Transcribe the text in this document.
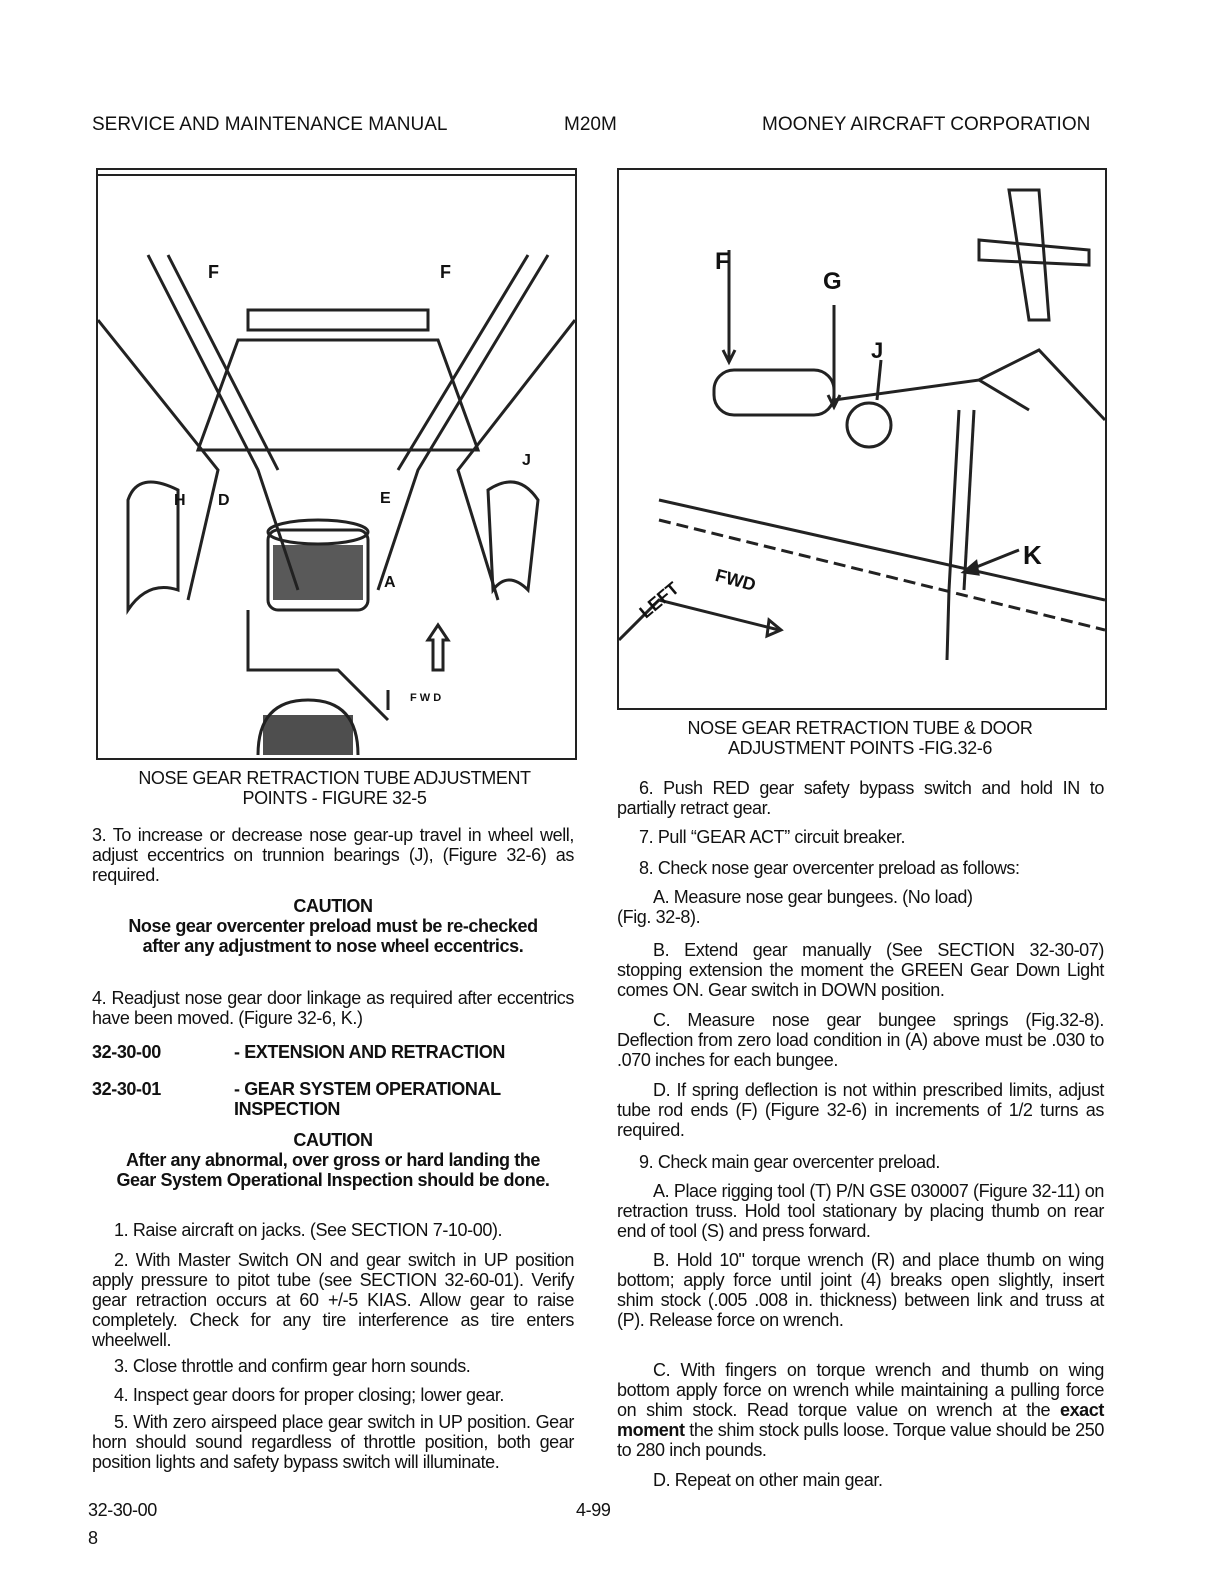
SERVICE AND MAINTENANCE MANUAL	M20M	MOONEY AIRCRAFT CORPORATION
F	F
H D	E
A
J
F W D
NOSE GEAR RETRACTION TUBE ADJUSTMENT
POINTS - FIGURE 32-5
F
G
J
K
LEFT FWD
NOSE GEAR RETRACTION TUBE & DOOR
ADJUSTMENT POINTS -FIG.32-6
3. To increase or decrease nose gear-up travel in wheel well, adjust eccentrics on trunnion bearings (J), (Figure 32-6) as required.
CAUTION
Nose gear overcenter preload must be re-checked after any adjustment to nose wheel eccentrics.
4. Readjust nose gear door linkage as required after eccentrics have been moved. (Figure 32-6, K.)
32-30-00	- EXTENSION AND RETRACTION
32-30-01	- GEAR SYSTEM OPERATIONAL INSPECTION
CAUTION
After any abnormal, over gross or hard landing the Gear System Operational Inspection should be done.
1. Raise aircraft on jacks. (See SECTION 7-10-00).
2. With Master Switch ON and gear switch in UP position apply pressure to pitot tube (see SECTION 32-60-01). Verify gear retraction occurs at 60 +/-5 KIAS. Allow gear to raise completely. Check for any tire interference as tire enters wheelwell.
3. Close throttle and confirm gear horn sounds.
4. Inspect gear doors for proper closing; lower gear.
5. With zero airspeed place gear switch in UP position. Gear horn should sound regardless of throttle position, both gear position lights and safety bypass switch will illuminate.
6. Push RED gear safety bypass switch and hold IN to partially retract gear.
7. Pull “GEAR ACT” circuit breaker.
8. Check nose gear overcenter preload as follows:
A. Measure nose gear bungees. (No load)
(Fig. 32-8).
B. Extend gear manually (See SECTION 32-30-07) stopping extension the moment the GREEN Gear Down Light comes ON. Gear switch in DOWN position.
C. Measure nose gear bungee springs (Fig.32-8). Deflection from zero load condition in (A) above must be .030 to .070 inches for each bungee.
D. If spring deflection is not within prescribed limits, adjust tube rod ends (F) (Figure 32-6) in increments of 1/2 turns as required.
9. Check main gear overcenter preload.
A. Place rigging tool (T) P/N GSE 030007 (Figure 32-11) on retraction truss. Hold tool stationary by placing thumb on rear end of tool (S) and press forward.
B. Hold 10" torque wrench (R) and place thumb on wing bottom; apply force until joint (4) breaks open slightly, insert shim stock (.005 .008 in. thickness) between link and truss at (P). Release force on wrench.
C. With fingers on torque wrench and thumb on wing bottom apply force on wrench while maintaining a pulling force on shim stock. Read torque value on wrench at the exact moment the shim stock pulls loose. Torque value should be 250 to 280 inch pounds.
D. Repeat on other main gear.
32-30-00
8
4-99
